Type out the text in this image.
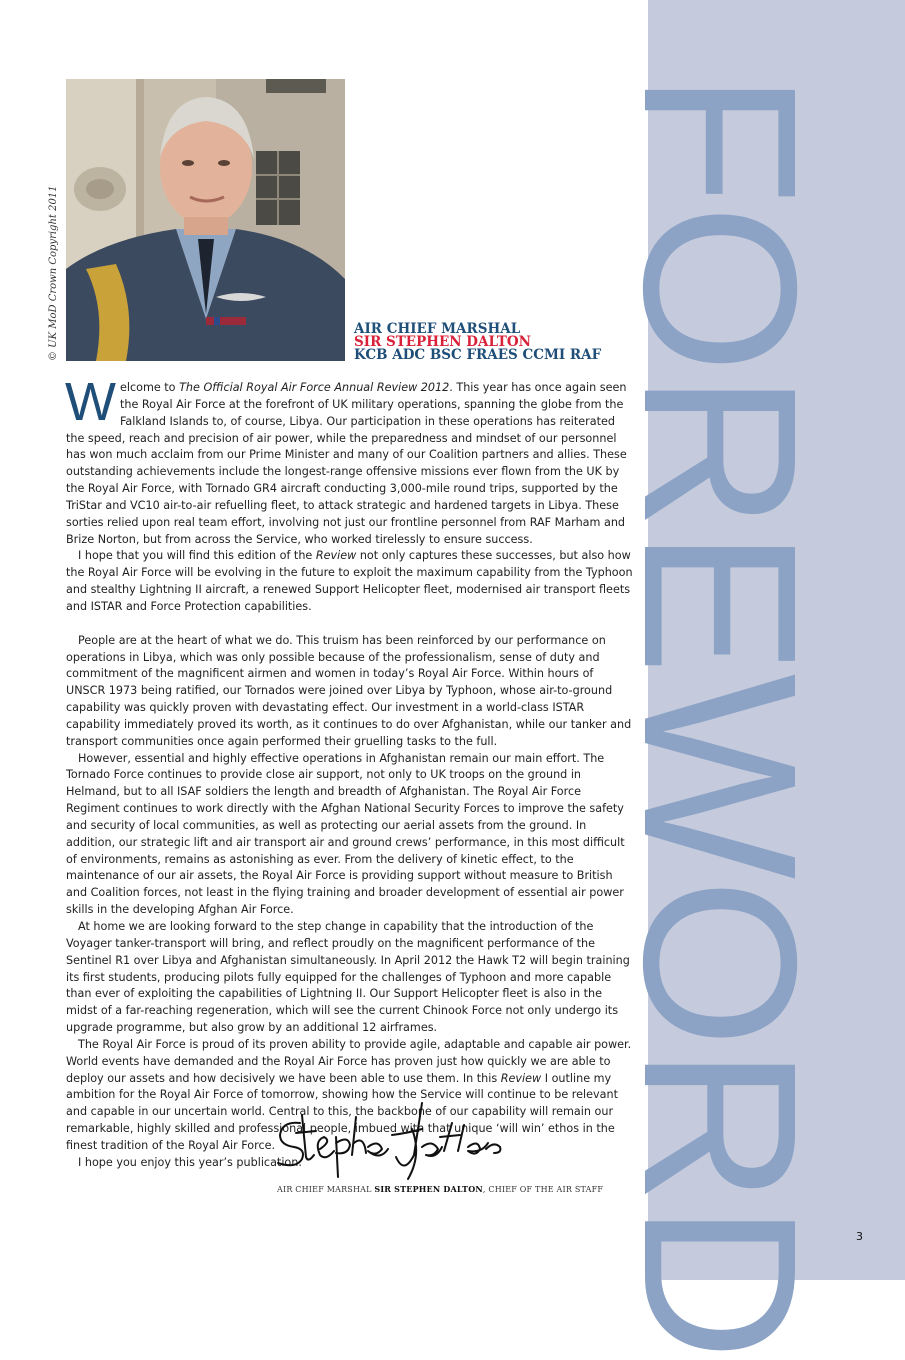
FOREWORD
© UK MoD Crown Copyright 2011	AIR CHIEF MARSHAL
SIR STEPHEN DALTON
KCB ADC BSC FRAES CCMI RAF

Welcome to The Official Royal Air Force Annual Review 2012. This year has once again seen the Royal Air Force at the forefront of UK military operations, spanning the globe from the Falkland Islands to, of course, Libya. Our participation in these operations has reiterated the speed, reach and precision of air power, while the preparedness and mindset of our personnel has won much acclaim from our Prime Minister and many of our Coalition partners and allies. These outstanding achievements include the longest-range offensive missions ever flown from the UK by the Royal Air Force, with Tornado GR4 aircraft conducting 3,000-mile round trips, supported by the TriStar and VC10 air-to-air refuelling fleet, to attack strategic and hardened targets in Libya. These sorties relied upon real team effort, involving not just our frontline personnel from RAF Marham and Brize Norton, but from across the Service, who worked tirelessly to ensure success.

I hope that you will find this edition of the Review not only captures these successes, but also how the Royal Air Force will be evolving in the future to exploit the maximum capability from the Typhoon and stealthy Lightning II aircraft, a renewed Support Helicopter fleet, modernised air transport fleets and ISTAR and Force Protection capabilities.

People are at the heart of what we do. This truism has been reinforced by our performance on operations in Libya, which was only possible because of the professionalism, sense of duty and commitment of the magnificent airmen and women in today’s Royal Air Force. Within hours of UNSCR 1973 being ratified, our Tornados were joined over Libya by Typhoon, whose air-to-ground capability was quickly proven with devastating effect. Our investment in a world-class ISTAR capability immediately proved its worth, as it continues to do over Afghanistan, while our tanker and transport communities once again performed their gruelling tasks to the full.

However, essential and highly effective operations in Afghanistan remain our main effort. The Tornado Force continues to provide close air support, not only to UK troops on the ground in Helmand, but to all ISAF soldiers the length and breadth of Afghanistan. The Royal Air Force Regiment continues to work directly with the Afghan National Security Forces to improve the safety and security of local communities, as well as protecting our aerial assets from the ground. In addition, our strategic lift and air transport air and ground crews’ performance, in this most difficult of environments, remains as astonishing as ever. From the delivery of kinetic effect, to the maintenance of our air assets, the Royal Air Force is providing support without measure to British and Coalition forces, not least in the flying training and broader development of essential air power skills in the developing Afghan Air Force.

At home we are looking forward to the step change in capability that the introduction of the Voyager tanker-transport will bring, and reflect proudly on the magnificent performance of the Sentinel R1 over Libya and Afghanistan simultaneously. In April 2012 the Hawk T2 will begin training its first students, producing pilots fully equipped for the challenges of Typhoon and more capable than ever of exploiting the capabilities of Lightning II. Our Support Helicopter fleet is also in the midst of a far-reaching regeneration, which will see the current Chinook Force not only undergo its upgrade programme, but also grow by an additional 12 airframes.

The Royal Air Force is proud of its proven ability to provide agile, adaptable and capable air power. World events have demanded and the Royal Air Force has proven just how quickly we are able to deploy our assets and how decisively we have been able to use them. In this Review I outline my ambition for the Royal Air Force of tomorrow, showing how the Service will continue to be relevant and capable in our uncertain world. Central to this, the backbone of our capability will remain our remarkable, highly skilled and professional people, imbued with that unique ‘will win’ ethos in the finest tradition of the Royal Air Force.

I hope you enjoy this year’s publication.

AIR CHIEF MARSHAL SIR STEPHEN DALTON, CHIEF OF THE AIR STAFF
3
